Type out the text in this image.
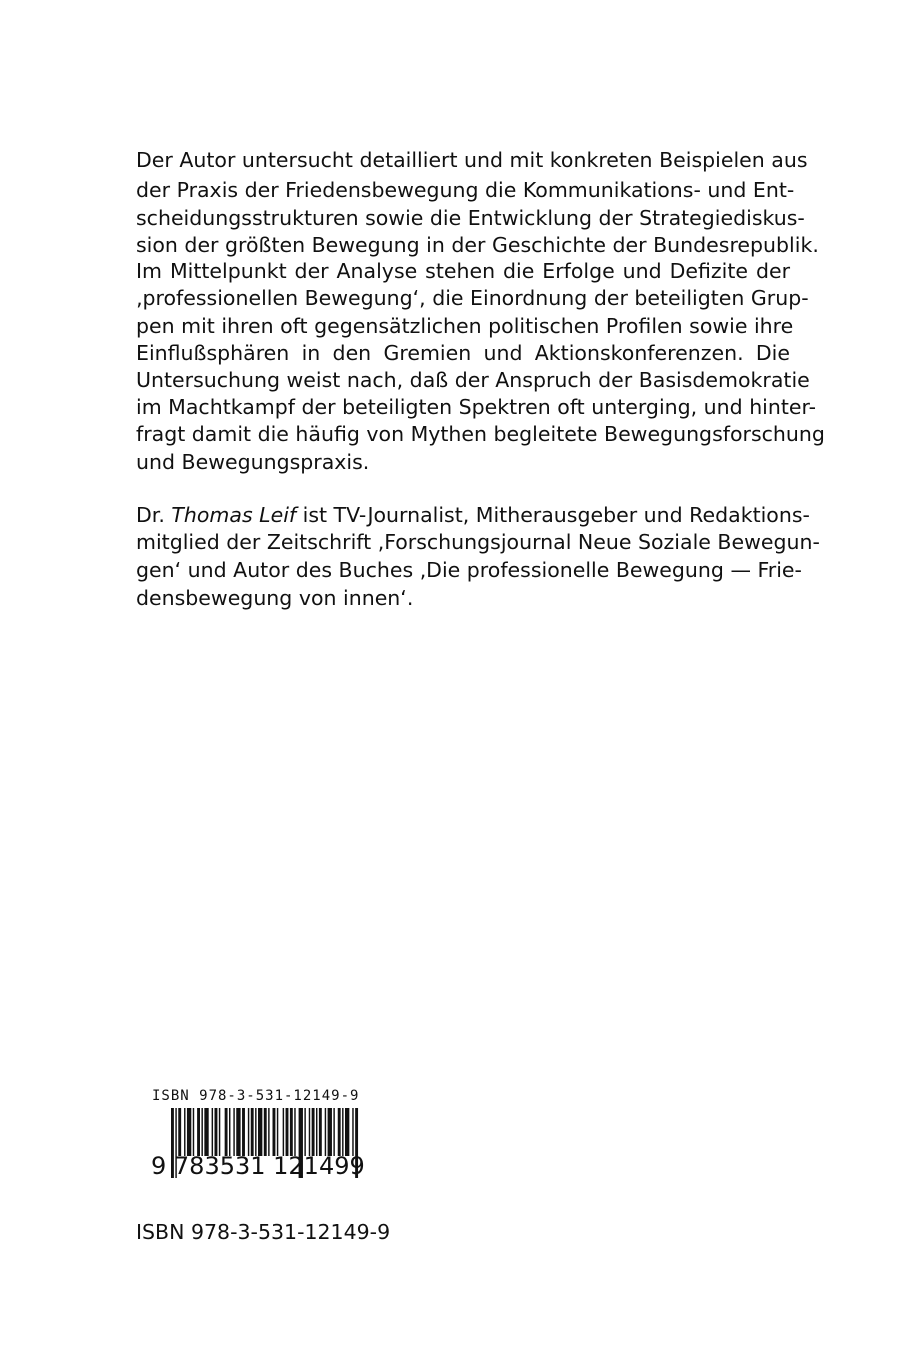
Der Autor untersucht detailliert und mit konkreten Beispielen aus
der Praxis der Friedensbewegung die Kommunikations- und Ent-
scheidungsstrukturen sowie die Entwicklung der Strategiediskus-
sion der größten Bewegung in der Geschichte der Bundesrepublik.
Im Mittelpunkt der Analyse stehen die Erfolge und Defizite der
‚professionellen Bewegung‘, die Einordnung der beteiligten Grup-
pen mit ihren oft gegensätzlichen politischen Profilen sowie ihre
Einflußsphären in den Gremien und Aktionskonferenzen. Die
Untersuchung weist nach, daß der Anspruch der Basisdemokratie
im Machtkampf der beteiligten Spektren oft unterging, und hinter-
fragt damit die häufig von Mythen begleitete Bewegungsforschung
und Bewegungspraxis.
Dr. Thomas Leif ist TV-Journalist, Mitherausgeber und Redaktions-
mitglied der Zeitschrift ‚Forschungsjournal Neue Soziale Bewegun-
gen‘ und Autor des Buches ‚Die professionelle Bewegung — Frie-
densbewegung von innen‘.
ISBN 978-3-531-12149-9
9 783531 121499
ISBN 978-3-531-12149-9
